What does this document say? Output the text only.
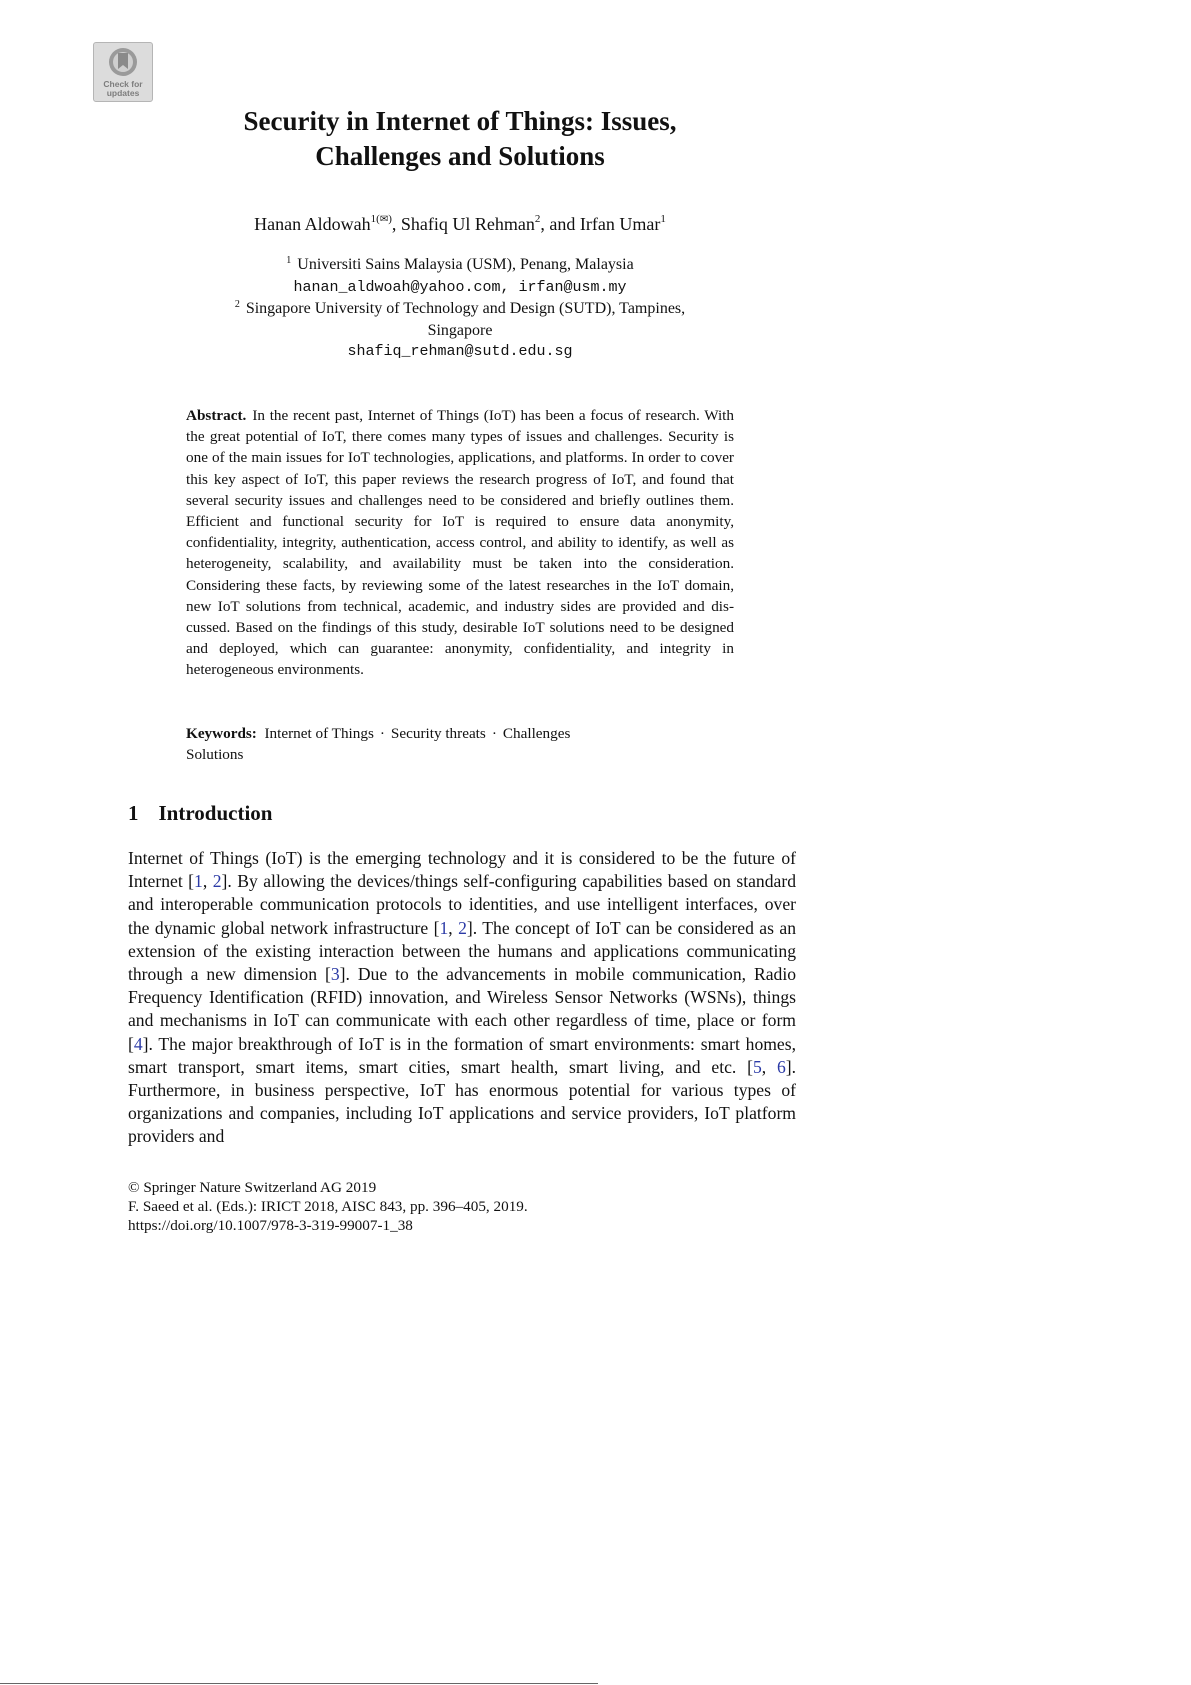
Check for
updates
Security in Internet of Things: Issues,
Challenges and Solutions
Hanan Aldowah$^{1(✉)}$, Shafiq Ul Rehman$^2$, and Irfan Umar$^1$
$^1$ Universiti Sains Malaysia (USM), Penang, Malaysia
hanan_aldwoah@yahoo.com, irfan@usm.my
$^2$ Singapore University of Technology and Design (SUTD), Tampines,
Singapore
shafiq_rehman@sutd.edu.sg

Abstract. In the recent past, Internet of Things (IoT) has been a focus of research. With the great potential of IoT, there comes many types of issues and challenges. Security is one of the main issues for IoT technologies, applications, and platforms. In order to cover this key aspect of IoT, this paper reviews the research progress of IoT, and found that several security issues and challenges need to be considered and briefly outlines them. Efficient and functional security for IoT is required to ensure data anonymity, confidentiality, integrity, authentication, access control, and ability to identify, as well as heterogeneity, scalability, and availability must be taken into the consideration. Considering these facts, by reviewing some of the latest researches in the IoT domain, new IoT solutions from technical, academic, and industry sides are provided and discussed. Based on the findings of this study, desirable IoT solutions need to be designed and deployed, which can guarantee: anonymity, confidentiality, and integrity in heterogeneous environments.

Keywords: Internet of Things · Security threats · Challenges
Solutions
1 Introduction

Internet of Things (IoT) is the emerging technology and it is considered to be the future of Internet [1, 2]. By allowing the devices/things self-configuring capabilities based on standard and interoperable communication protocols to identities, and use intelligent interfaces, over the dynamic global network infrastructure [1, 2]. The concept of IoT can be considered as an extension of the existing interaction between the humans and applications communicating through a new dimension [3]. Due to the advancements in mobile communication, Radio Frequency Identification (RFID) innovation, and Wireless Sensor Networks (WSNs), things and mechanisms in IoT can communicate with each other regardless of time, place or form [4]. The major breakthrough of IoT is in the formation of smart environments: smart homes, smart transport, smart items, smart cities, smart health, smart living, and etc. [5, 6]. Furthermore, in business perspective, IoT has enormous potential for various types of organizations and companies, including IoT applications and service providers, IoT platform providers and

© Springer Nature Switzerland AG 2019
F. Saeed et al. (Eds.): IRICT 2018, AISC 843, pp. 396–405, 2019.
https://doi.org/10.1007/978-3-319-99007-1_38
